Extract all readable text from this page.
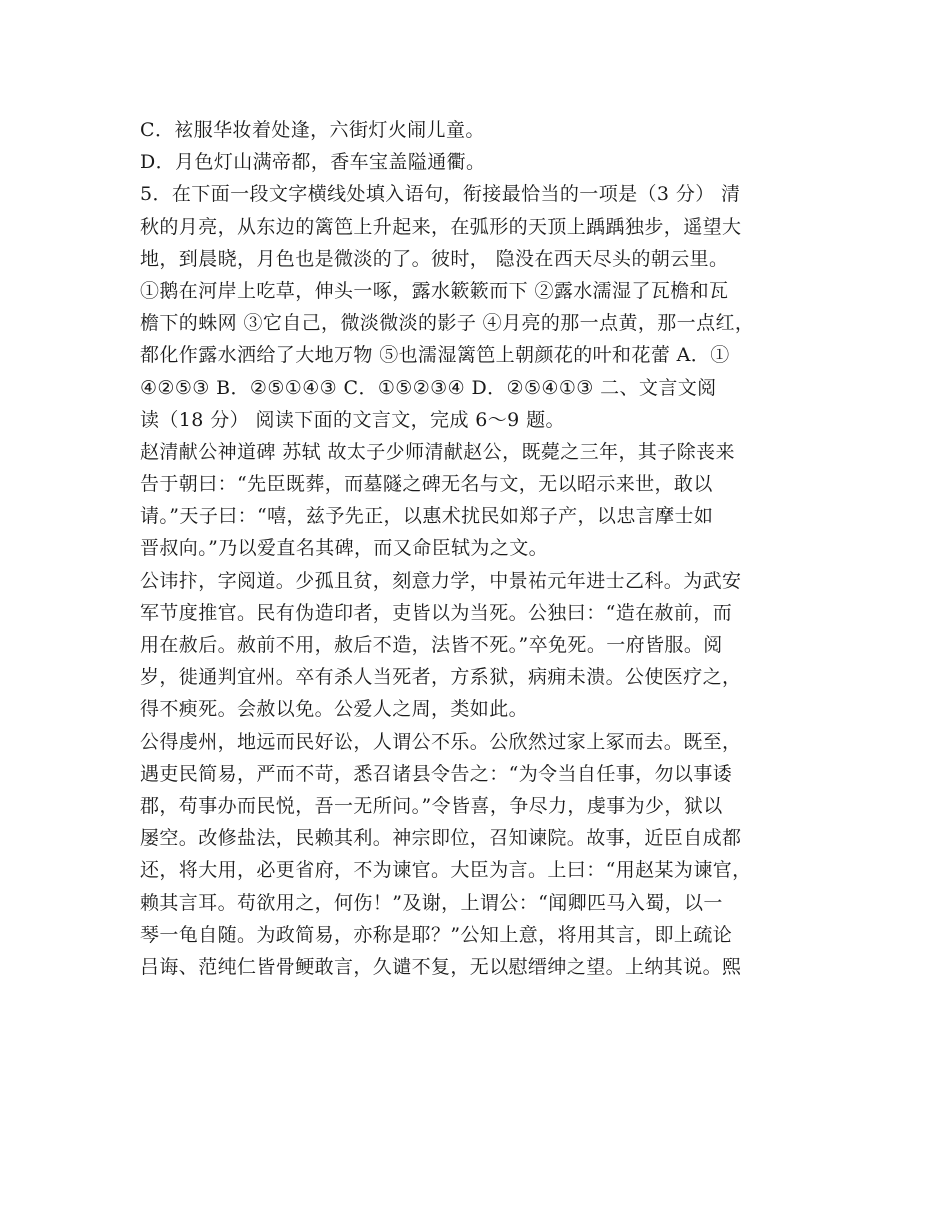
C．袨服华妆着处逢，六街灯火闹儿童。
D．月色灯山满帝都，香车宝盖隘通衢。
5．在下面一段文字横线处填入语句，衔接最恰当的一项是（3 分） 清
秋的月亮，从东边的篱笆上升起来，在弧形的天顶上踽踽独步，遥望大
地，到晨晓，月色也是微淡的了。彼时， 隐没在西天尽头的朝云里。
①鹅在河岸上吃草，伸头一啄，露水簌簌而下 ②露水濡湿了瓦檐和瓦
檐下的蛛网 ③它自己，微淡微淡的影子 ④月亮的那一点黄，那一点红，
都化作露水洒给了大地万物 ⑤也濡湿篱笆上朝颜花的叶和花蕾 A．①
④②⑤③ B．②⑤①④③ C．①⑤②③④ D．②⑤④①③ 二、文言文阅
读（18 分） 阅读下面的文言文，完成 6～9 题。
赵清献公神道碑 苏轼 故太子少师清献赵公，既薨之三年，其子除丧来
告于朝曰：“先臣既葬，而墓隧之碑无名与文，无以昭示来世，敢以
请。”天子曰：“嘻，兹予先正，以惠术扰民如郑子产，以忠言摩士如
晋叔向。”乃以爱直名其碑，而又命臣轼为之文。
公讳抃，字阅道。少孤且贫，刻意力学，中景祐元年进士乙科。为武安
军节度推官。民有伪造印者，吏皆以为当死。公独曰：“造在赦前，而
用在赦后。赦前不用，赦后不造，法皆不死。”卒免死。一府皆服。阅
岁，徙通判宜州。卒有杀人当死者，方系狱，病痈未溃。公使医疗之，
得不瘐死。会赦以免。公爱人之周，类如此。
公得虔州，地远而民好讼，人谓公不乐。公欣然过家上冢而去。既至，
遇吏民简易，严而不苛，悉召诸县令告之：“为令当自任事，勿以事诿
郡，苟事办而民悦，吾一无所问。”令皆喜，争尽力，虔事为少，狱以
屡空。改修盐法，民赖其利。神宗即位，召知谏院。故事，近臣自成都
还，将大用，必更省府，不为谏官。大臣为言。上曰：“用赵某为谏官，
赖其言耳。苟欲用之，何伤！”及谢，上谓公：“闻卿匹马入蜀，以一
琴一龟自随。为政简易，亦称是耶？”公知上意，将用其言，即上疏论
吕诲、范纯仁皆骨鲠敢言，久谴不复，无以慰缙绅之望。上纳其说。熙
